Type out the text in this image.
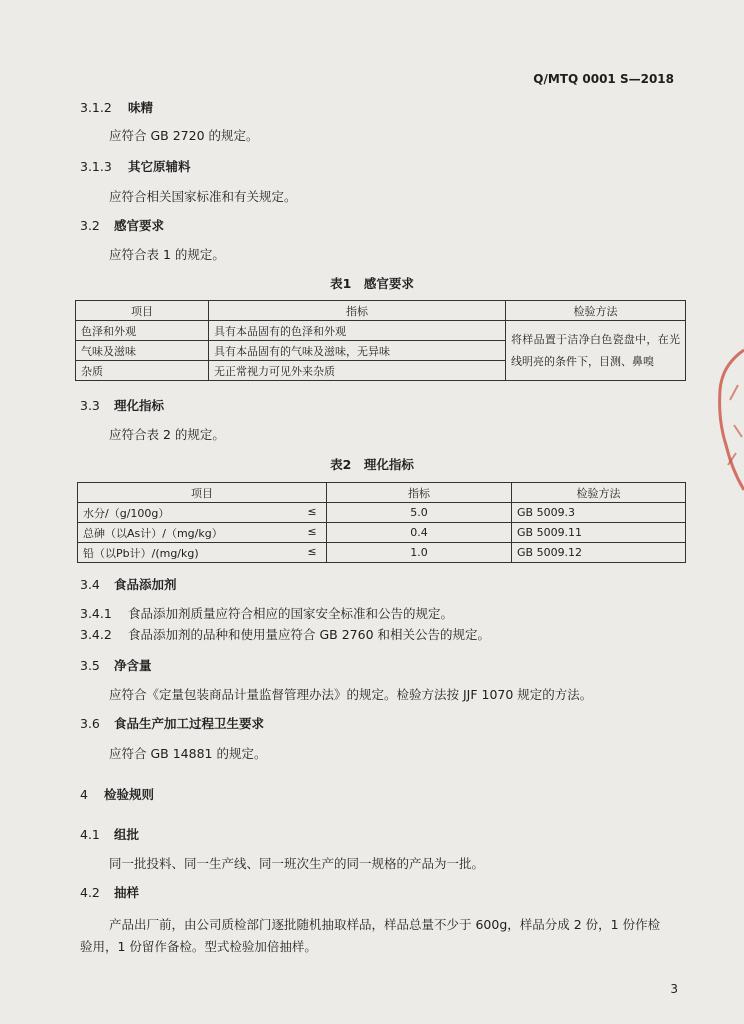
Q/MTQ 0001 S—2018
3.1.2 味精
应符合 GB 2720 的规定。
3.1.3 其它原辅料
应符合相关国家标准和有关规定。
3.2 感官要求
应符合表 1 的规定。
表1　感官要求
项目	指标	检验方法
色泽和外观	具有本品固有的色泽和外观	将样品置于洁净白色瓷盘中，在光线明亮的条件下，目测、鼻嗅
气味及滋味	具有本品固有的气味及滋味，无异味	
杂质	无正常视力可见外来杂质	
3.3 理化指标
应符合表 2 的规定。
表2　理化指标
项目	指标	检验方法
水分/（g/100g） ≤	5.0	GB 5009.3
总砷（以As计）/（mg/kg） ≤	0.4	GB 5009.11
铅（以Pb计）/(mg/kg) ≤	1.0	GB 5009.12
3.4 食品添加剂
3.4.1 食品添加剂质量应符合相应的国家安全标准和公告的规定。
3.4.2 食品添加剂的品种和使用量应符合 GB 2760 和相关公告的规定。
3.5 净含量
应符合《定量包装商品计量监督管理办法》的规定。检验方法按 JJF 1070 规定的方法。
3.6 食品生产加工过程卫生要求
应符合 GB 14881 的规定。
4 检验规则
4.1 组批
同一批投料、同一生产线、同一班次生产的同一规格的产品为一批。
4.2 抽样
产品出厂前，由公司质检部门逐批随机抽取样品，样品总量不少于 600g，样品分成 2 份，1 份作检
验用，1 份留作备检。型式检验加倍抽样。
3
